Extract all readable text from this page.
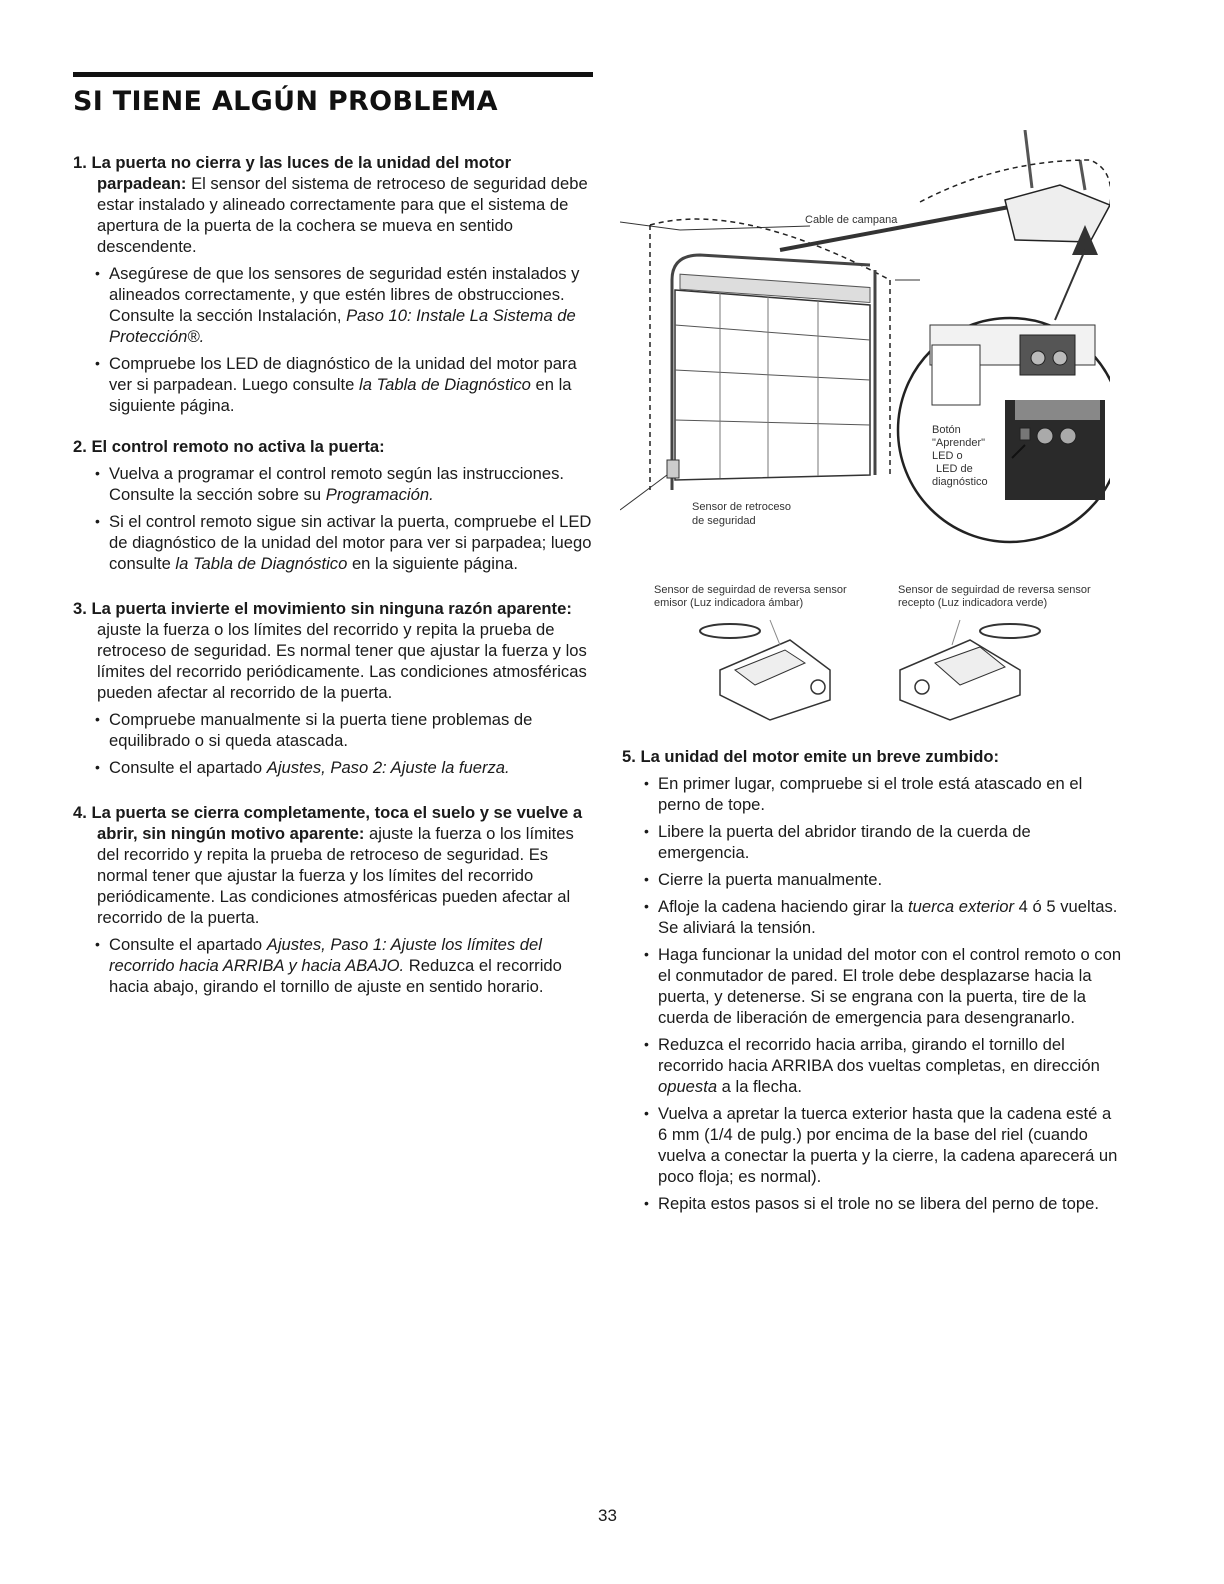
SI TIENE ALGÚN PROBLEMA

1. La puerta no cierra y las luces de la unidad del motor parpadean: El sensor del sistema de retroceso de seguridad debe estar instalado y alineado correctamente para que el sistema de apertura de la puerta de la cochera se mueva en sentido descendente.

• Asegúrese de que los sensores de seguridad estén instalados y alineados correctamente, y que estén libres de obstrucciones. Consulte la sección Instalación, Paso 10: Instale La Sistema de Protección®.
• Compruebe los LED de diagnóstico de la unidad del motor para ver si parpadean. Luego consulte la Tabla de Diagnóstico en la siguiente página.

2. El control remoto no activa la puerta:

• Vuelva a programar el control remoto según las instrucciones. Consulte la sección sobre su Programación.
• Si el control remoto sigue sin activar la puerta, compruebe el LED de diagnóstico de la unidad del motor para ver si parpadea; luego consulte la Tabla de Diagnóstico en la siguiente página.

3. La puerta invierte el movimiento sin ninguna razón aparente: ajuste la fuerza o los límites del recorrido y repita la prueba de retroceso de seguridad. Es normal tener que ajustar la fuerza y los límites del recorrido periódicamente. Las condiciones atmosféricas pueden afectar al recorrido de la puerta.

• Compruebe manualmente si la puerta tiene problemas de equilibrado o si queda atascada.
• Consulte el apartado Ajustes, Paso 2: Ajuste la fuerza.

4. La puerta se cierra completamente, toca el suelo y se vuelve a abrir, sin ningún motivo aparente: ajuste la fuerza o los límites del recorrido y repita la prueba de retroceso de seguridad. Es normal tener que ajustar la fuerza y los límites del recorrido periódicamente. Las condiciones atmosféricas pueden afectar al recorrido de la puerta.

• Consulte el apartado Ajustes, Paso 1: Ajuste los límites del recorrido hacia ARRIBA y hacia ABAJO. Reduzca el recorrido hacia abajo, girando el tornillo de ajuste en sentido horario.
Botón
"Aprender"
LED o
LED de
diagnóstico
Cable de campana
Sensor de retroceso
de seguridad
Sensor de seguirdad de reversa sensor
emisor (Luz indicadora ámbar)
Sensor de seguirdad de reversa sensor
recepto (Luz indicadora verde)

5. La unidad del motor emite un breve zumbido:

• En primer lugar, compruebe si el trole está atascado en el perno de tope.
• Libere la puerta del abridor tirando de la cuerda de emergencia.
• Cierre la puerta manualmente.
• Afloje la cadena haciendo girar la tuerca exterior 4 ó 5 vueltas. Se aliviará la tensión.
• Haga funcionar la unidad del motor con el control remoto o con el conmutador de pared. El trole debe desplazarse hacia la puerta, y detenerse. Si se engrana con la puerta, tire de la cuerda de liberación de emergencia para desengranarlo.
• Reduzca el recorrido hacia arriba, girando el tornillo del recorrido hacia ARRIBA dos vueltas completas, en dirección opuesta a la flecha.
• Vuelva a apretar la tuerca exterior hasta que la cadena esté a 6 mm (1/4 de pulg.) por encima de la base del riel (cuando vuelva a conectar la puerta y la cierre, la cadena aparecerá un poco floja; es normal).
• Repita estos pasos si el trole no se libera del perno de tope.
33
